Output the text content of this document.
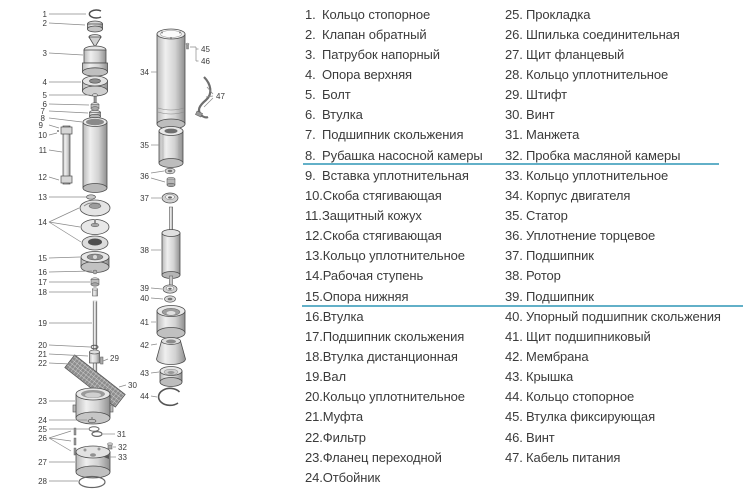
1
2
3
4
5
6
7
8
9
10
11
12
13
14
15
16
17
18
19
20
21
22
23
24
25
26
27
28
29
30
31
32
33
34
35
36
37
38
39
40
41
42
43
44
45
46
47
1. Кольцо стопорное
2. Клапан обратный
3. Патрубок напорный
4. Опора верхняя
5. Болт
6. Втулка
7. Подшипник скольжения
8. Рубашка насосной камеры
9. Вставка уплотнительная
10. Скоба стягивающая
11. Защитный кожух
12. Скоба стягивающая
13. Кольцо уплотнительное
14. Рабочая ступень
15. Опора нижняя
16. Втулка
17. Подшипник скольжения
18. Втулка дистанционная
19. Вал
20. Кольцо уплотнительное
21. Муфта
22. Фильтр
23. Фланец переходной
24. Отбойник
25. Прокладка
26. Шпилька соединительная
27. Щит фланцевый
28. Кольцо уплотнительное
29. Штифт
30. Винт
31. Манжета
32. Пробка масляной камеры
33. Кольцо уплотнительное
34. Корпус двигателя
35. Статор
36. Уплотнение торцевое
37. Подшипник
38. Ротор
39. Подшипник
40. Упорный подшипник скольжения
41. Щит подшипниковый
42. Мембрана
43. Крышка
44. Кольцо стопорное
45. Втулка фиксирующая
46. Винт
47. Кабель питания
